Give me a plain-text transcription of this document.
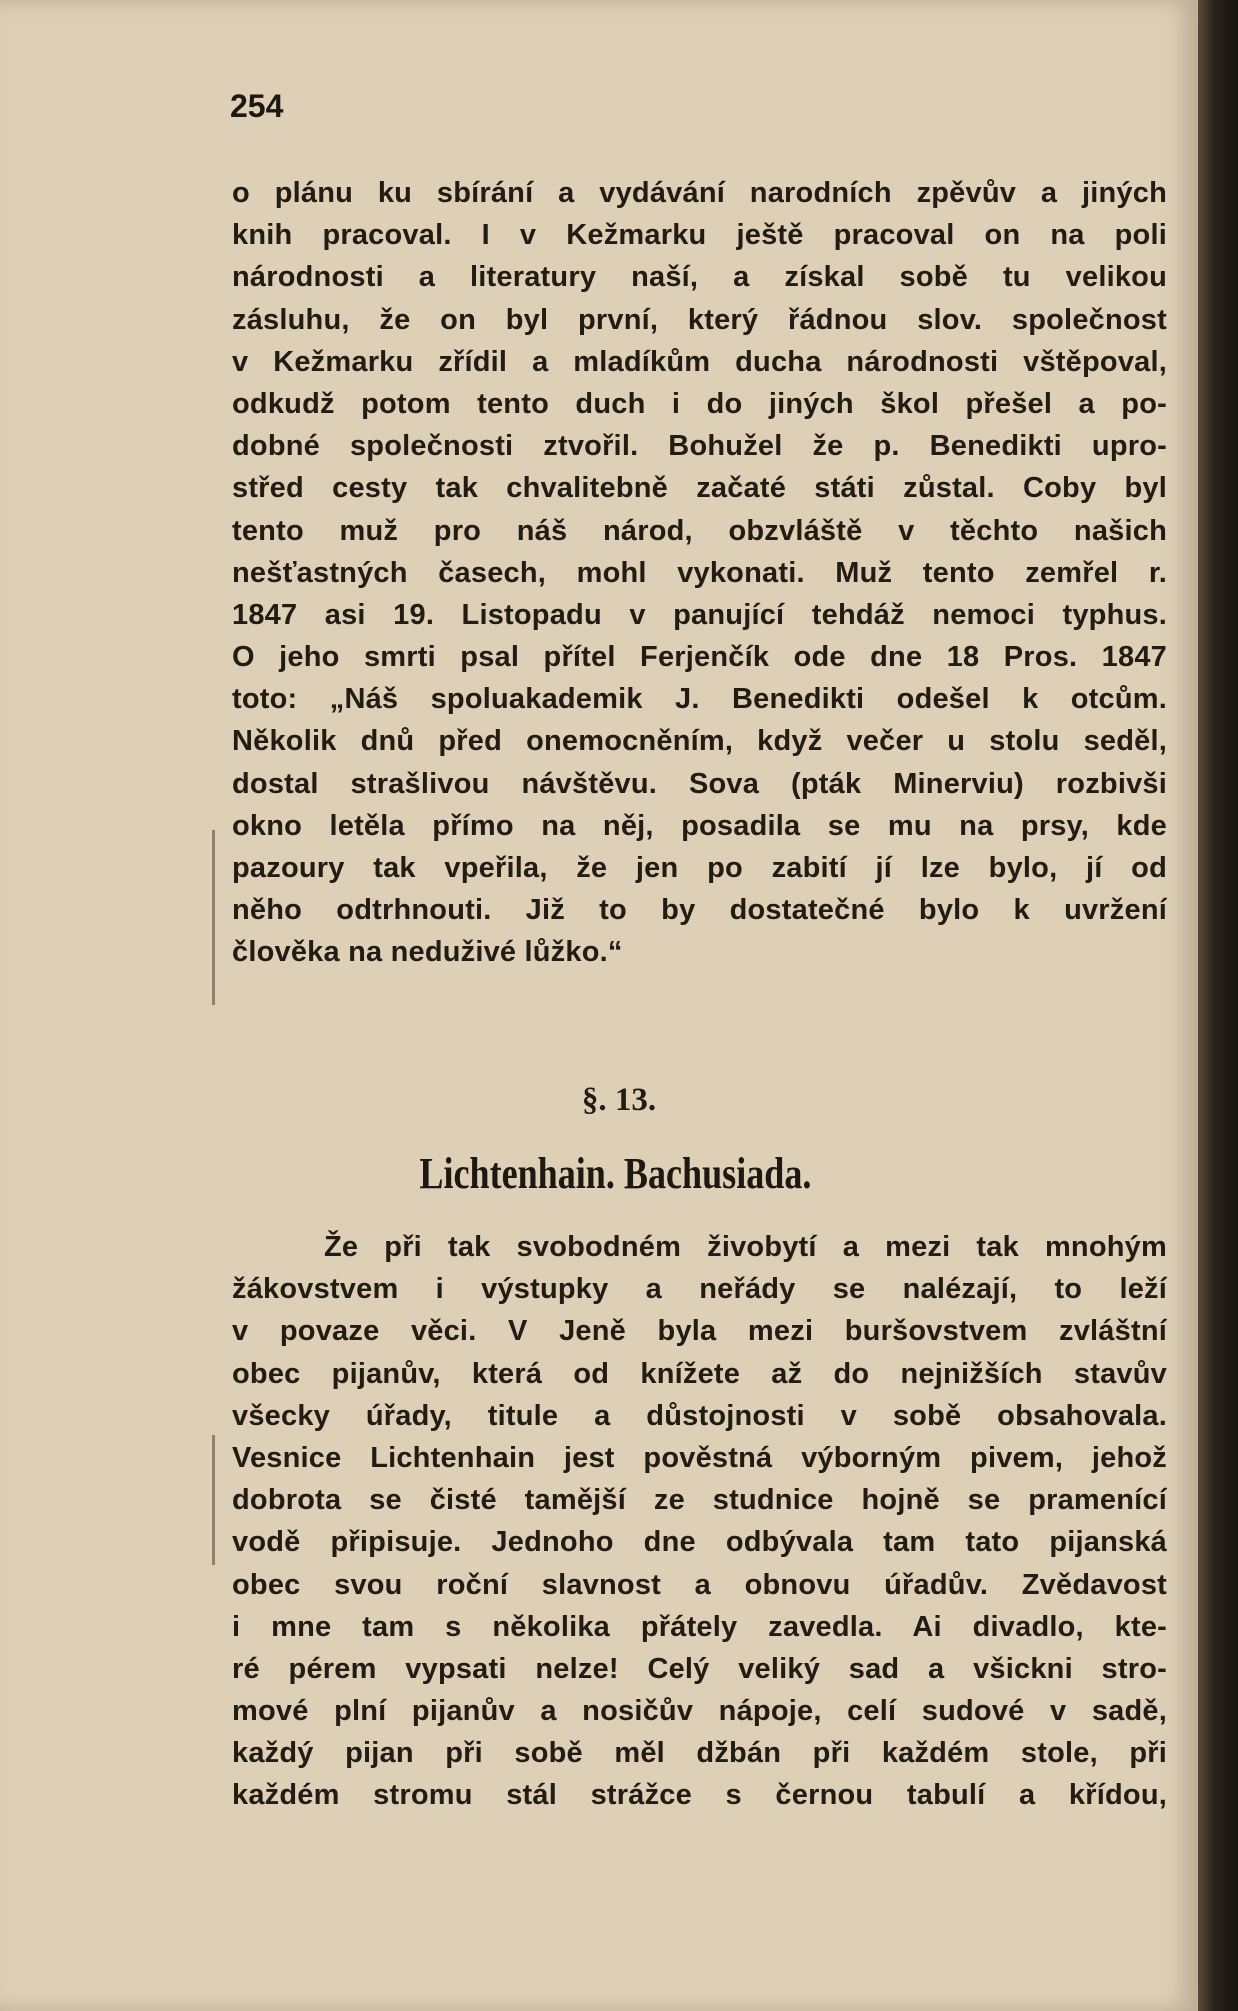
254
o plánu ku sbírání a vydávání narodních zpěvův a jiných
knih pracoval. I v Kežmarku ještě pracoval on na poli
národnosti a literatury naší, a získal sobě tu velikou
zásluhu, že on byl první, který řádnou slov. společnost
v Kežmarku zřídil a mladíkům ducha národnosti vštěpoval,
odkudž potom tento duch i do jiných škol přešel a po-
dobné společnosti ztvořil. Bohužel že p. Benedikti upro-
střed cesty tak chvalitebně začaté státi zůstal. Coby byl
tento muž pro náš národ, obzvláště v těchto našich
nešťastných časech, mohl vykonati. Muž tento zemřel r.
1847 asi 19. Listopadu v panující tehdáž nemoci typhus.
O jeho smrti psal přítel Ferjenčík ode dne 18 Pros. 1847
toto: „Náš spoluakademik J. Benedikti odešel k otcům.
Několik dnů před onemocněním, když večer u stolu seděl,
dostal strašlivou návštěvu. Sova (pták Minerviu) rozbivši
okno letěla přímo na něj, posadila se mu na prsy, kde
pazoury tak vpeřila, že jen po zabití jí lze bylo, jí od
něho odtrhnouti. Již to by dostatečné bylo k uvržení
člověka na neduživé lůžko.“
§. 13.
Lichtenhain. Bachusiada.
Že při tak svobodném živobytí a mezi tak mnohým
žákovstvem i výstupky a neřády se nalézají, to leží
v povaze věci. V Jeně byla mezi buršovstvem zvláštní
obec pijanův, která od knížete až do nejnižších stavův
všecky úřady, titule a důstojnosti v sobě obsahovala.
Vesnice Lichtenhain jest pověstná výborným pivem, jehož
dobrota se čisté tamější ze studnice hojně se pramenící
vodě připisuje. Jednoho dne odbývala tam tato pijanská
obec svou roční slavnost a obnovu úřadův. Zvědavost
i mne tam s několika přátely zavedla. Ai divadlo, kte-
ré pérem vypsati nelze! Celý veliký sad a všickni stro-
mové plní pijanův a nosičův nápoje, celí sudové v sadě,
každý pijan při sobě měl džbán při každém stole, při
každém stromu stál strážce s černou tabulí a křídou,
